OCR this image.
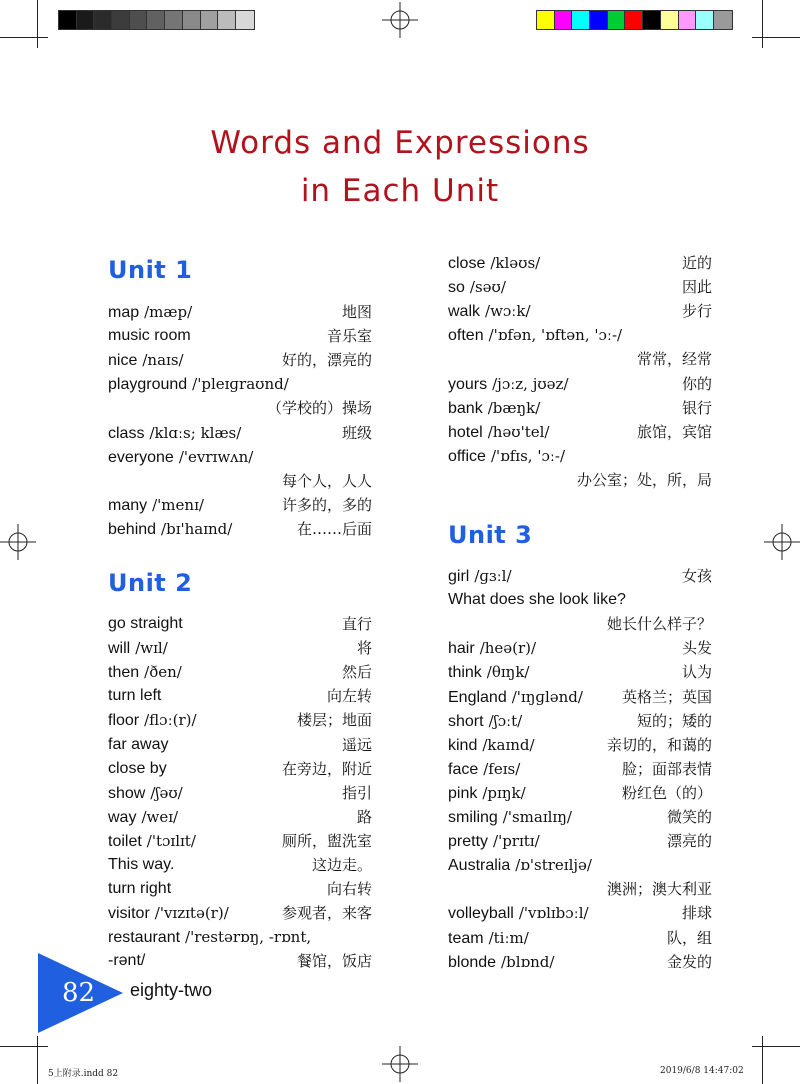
Words and Expressions
in Each Unit
Unit 1
map /mæp/	地图
music room	音乐室
nice /naɪs/	好的，漂亮的
playground /'pleɪɡraʊnd/
（学校的）操场
class /klɑːs; klæs/	班级
everyone /'evrɪwʌn/
每个人，人人
many /'menɪ/	许多的，多的
behind /bɪ'haɪnd/	在……后面
Unit 2
go straight	直行
will /wɪl/	将
then /ðen/	然后
turn left	向左转
floor /flɔː(r)/	楼层；地面
far away	遥远
close by	在旁边，附近
show /ʃəʊ/	指引
way /weɪ/	路
toilet /'tɔɪlɪt/	厕所，盥洗室
This way.	这边走。
turn right	向右转
visitor /'vɪzɪtə(r)/	参观者，来客
restaurant /'restərɒŋ, -rɒnt,
-rənt/	餐馆，饭店
close /kləʊs/	近的
so /səʊ/	因此
walk /wɔːk/	步行
often /'ɒfən, 'ɒftən, 'ɔː-/
常常，经常
yours /jɔːz, jʊəz/	你的
bank /bæŋk/	银行
hotel /həʊ'tel/	旅馆，宾馆
office /'ɒfɪs, 'ɔː-/
办公室；处，所，局
Unit 3
girl /ɡɜːl/	女孩
What does she look like?
她长什么样子？
hair /heə(r)/	头发
think /θɪŋk/	认为
England /'ɪŋɡlənd/	英格兰；英国
short /ʃɔːt/	短的；矮的
kind /kaɪnd/	亲切的，和蔼的
face /feɪs/	脸；面部表情
pink /pɪŋk/	粉红色（的）
smiling /'smaɪlɪŋ/	微笑的
pretty /'prɪtɪ/	漂亮的
Australia /ɒ'streɪljə/
澳洲；澳大利亚
volleyball /'vɒlɪbɔːl/	排球
team /tiːm/	队，组
blonde /blɒnd/	金发的
82 eighty-two
5上附录.indd 82	2019/6/8 14:47:02
